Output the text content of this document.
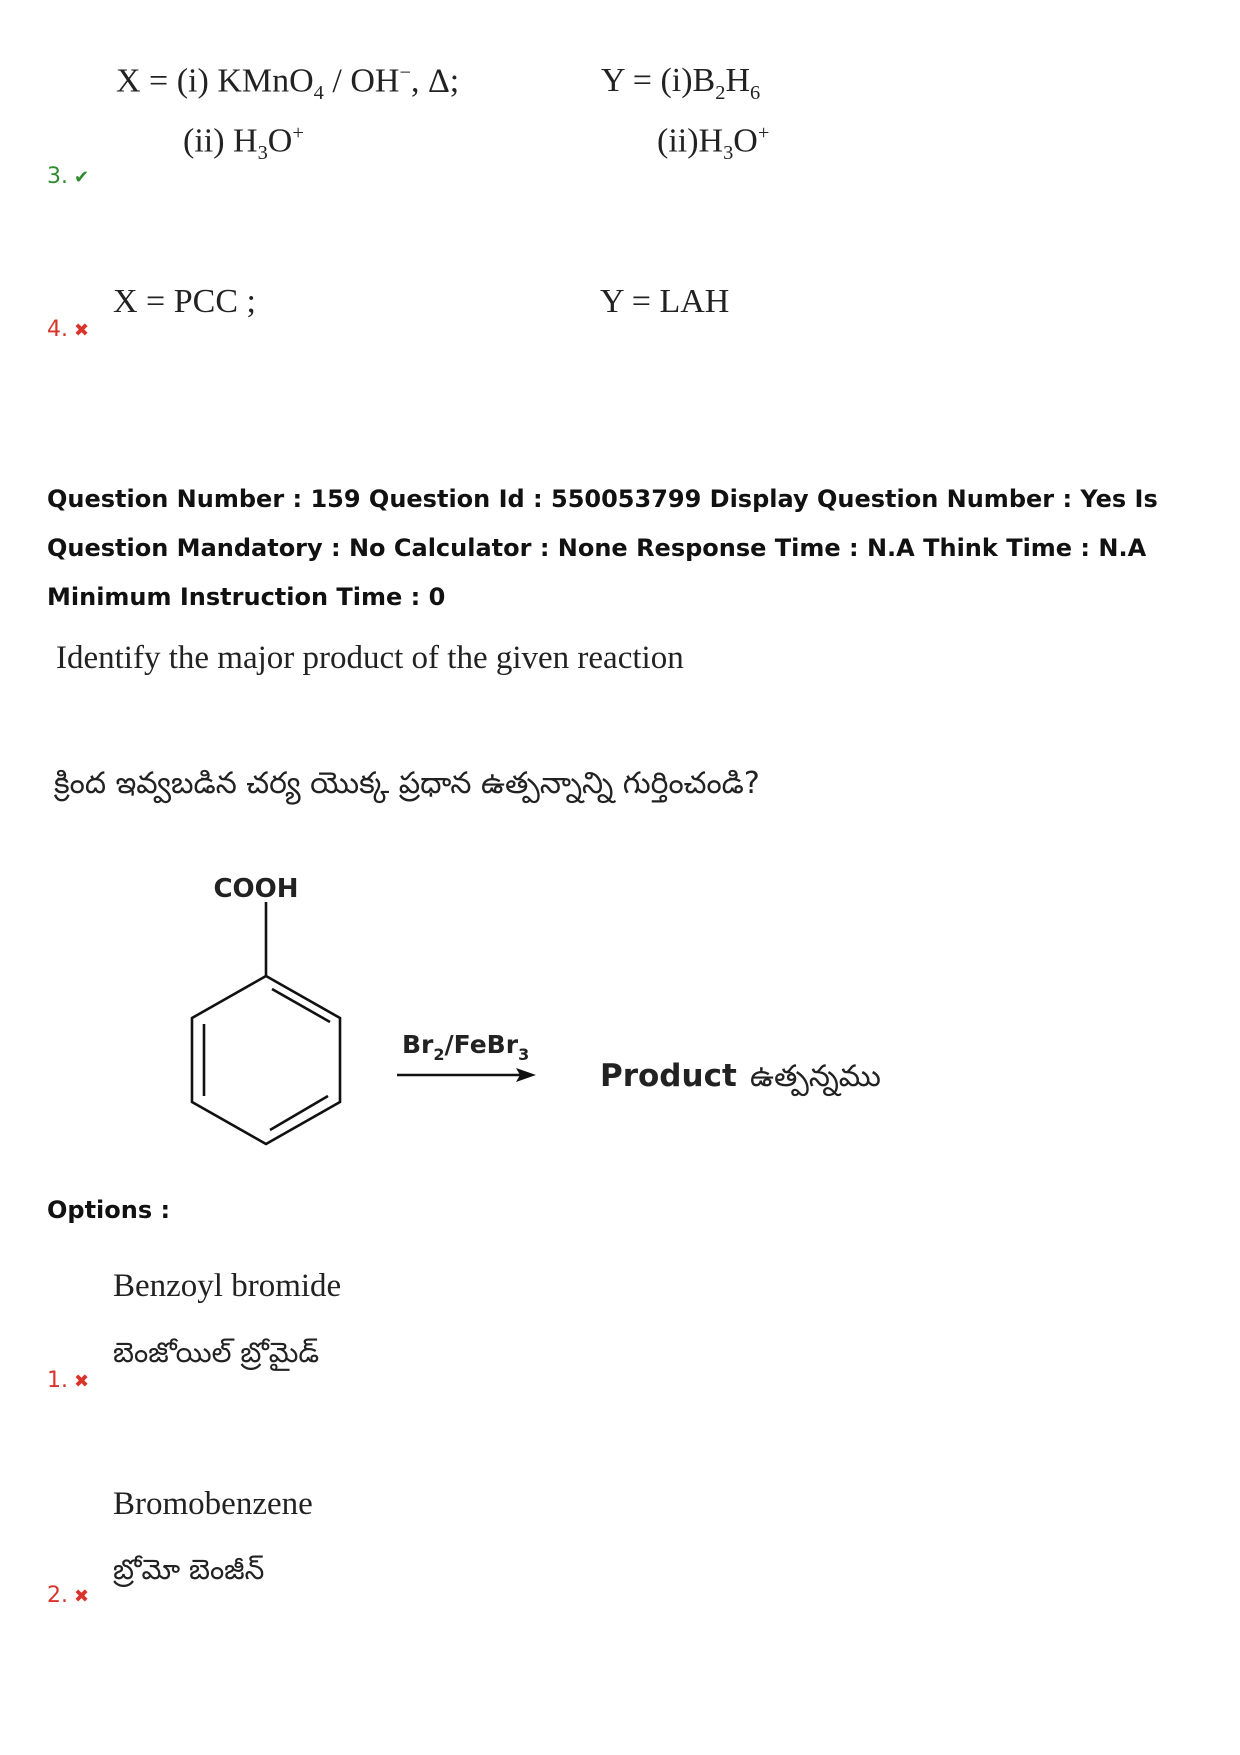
X = (i) KMnO$_4$ / OH−, Δ;
(ii) $H_3O^+$
$Y = (i)B_2H_6$
$(ii)H_3O^+$
3. ✔
X = PCC ;	Y = LAH
4. ✖
Question Number : 159 Question Id : 550053799 Display Question Number : Yes Is Question Mandatory : No Calculator : None Response Time : N.A Think Time : N.A Minimum Instruction Time : 0
Identify the major product of the given reaction
క్రింద ఇవ్వబడిన చర్య యొక్క ప్రధాన ఉత్పన్నాన్ని గుర్తించండి?
COOH
$Br_2/FeBr_3$
Product ఉత్పన్నము
Options :
Benzoyl bromide
బెంజోయిల్ బ్రోమైడ్
1. ✖
Bromobenzene
బ్రోమో బెంజీన్
2. ✖
